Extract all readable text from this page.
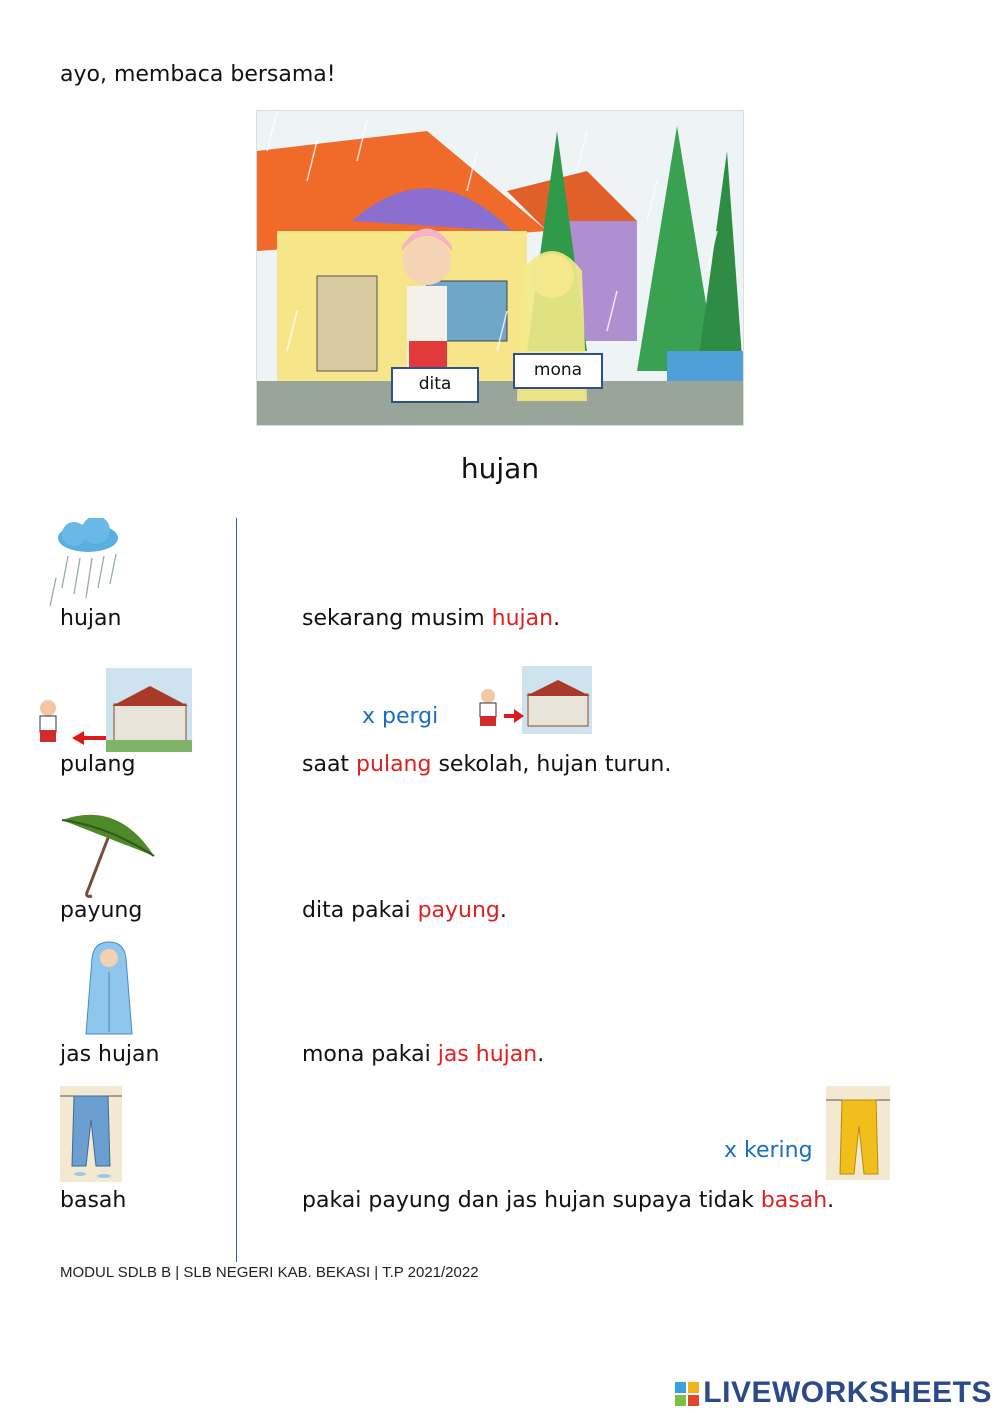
ayo, membaca bersama!
dita
mona
hujan
hujan	sekarang musim hujan.
x pergi
pulang	saat pulang sekolah, hujan turun.
payung	dita pakai payung.
jas hujan	mona pakai jas hujan.
x kering
basah	pakai payung dan jas hujan supaya tidak basah.
MODUL SDLB B | SLB NEGERI KAB. BEKASI | T.P 2021/2022
LIVEWORKSHEETS
